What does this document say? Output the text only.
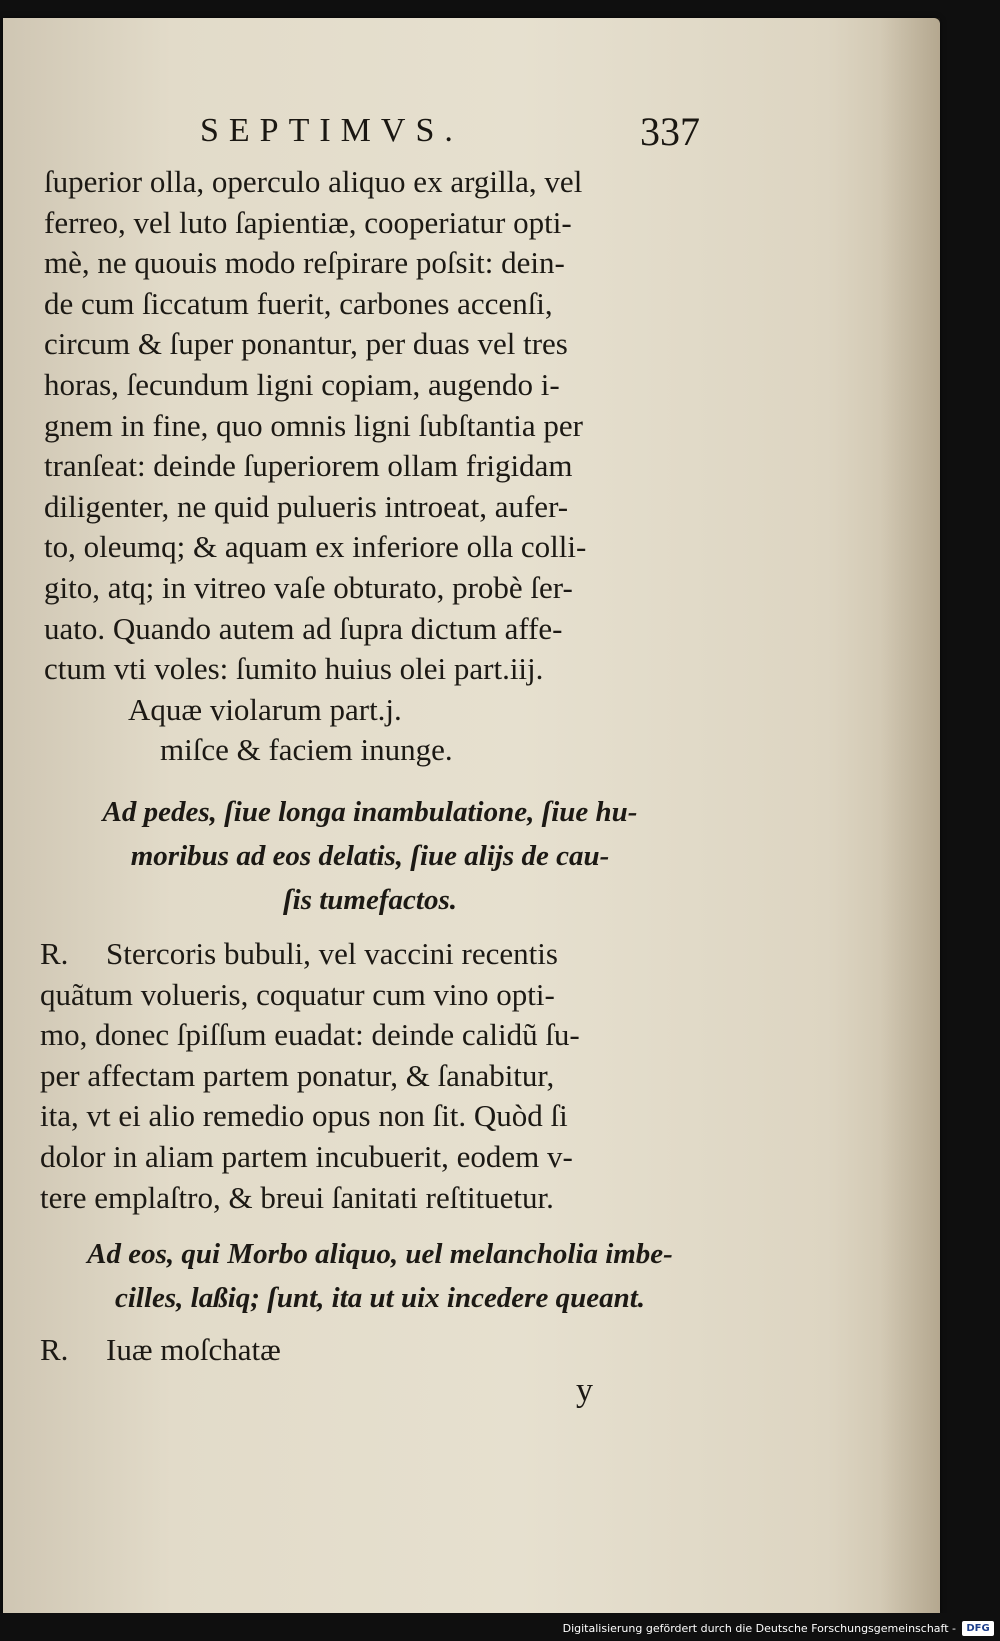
SEPTIMVS.	337
ſuperior olla, operculo aliquo ex argilla, vel
ferreo, vel luto ſapientiæ, cooperiatur opti-
mè, ne quouis modo reſpirare poſsit: dein-
de cum ſiccatum fuerit, carbones accenſi,
circum & ſuper ponantur, per duas vel tres
horas, ſecundum ligni copiam, augendo i-
gnem in fine, quo omnis ligni ſubſtantia per
tranſeat: deinde ſuperiorem ollam frigidam
diligenter, ne quid pulueris introeat, aufer-
to, oleumq; & aquam ex inferiore olla colli-
gito, atq; in vitreo vaſe obturato, probè ſer-
uato. Quando autem ad ſupra dictum affe-
ctum vti voles: ſumito huius olei part.iij.
Aquæ violarum part.j.
miſce & faciem inunge.
Ad pedes, ſiue longa inambulatione, ſiue hu-
moribus ad eos delatis, ſiue alijs de cau-
ſis tumefactos.
R. Stercoris bubuli, vel vaccini recentis
quãtum volueris, coquatur cum vino opti-
mo, donec ſpiſſum euadat: deinde calidũ ſu-
per affectam partem ponatur, & ſanabitur,
ita, vt ei alio remedio opus non ſit. Quòd ſi
dolor in aliam partem incubuerit, eodem v-
tere emplaſtro, & breui ſanitati reſtituetur.
Ad eos, qui Morbo aliquo, uel melancholia imbe-
cilles, laßiq; ſunt, ita ut uix incedere queant.
R. Iuæ moſchatæ
y
Digitalisierung gefördert durch die Deutsche Forschungsgemeinschaft -	DFG
